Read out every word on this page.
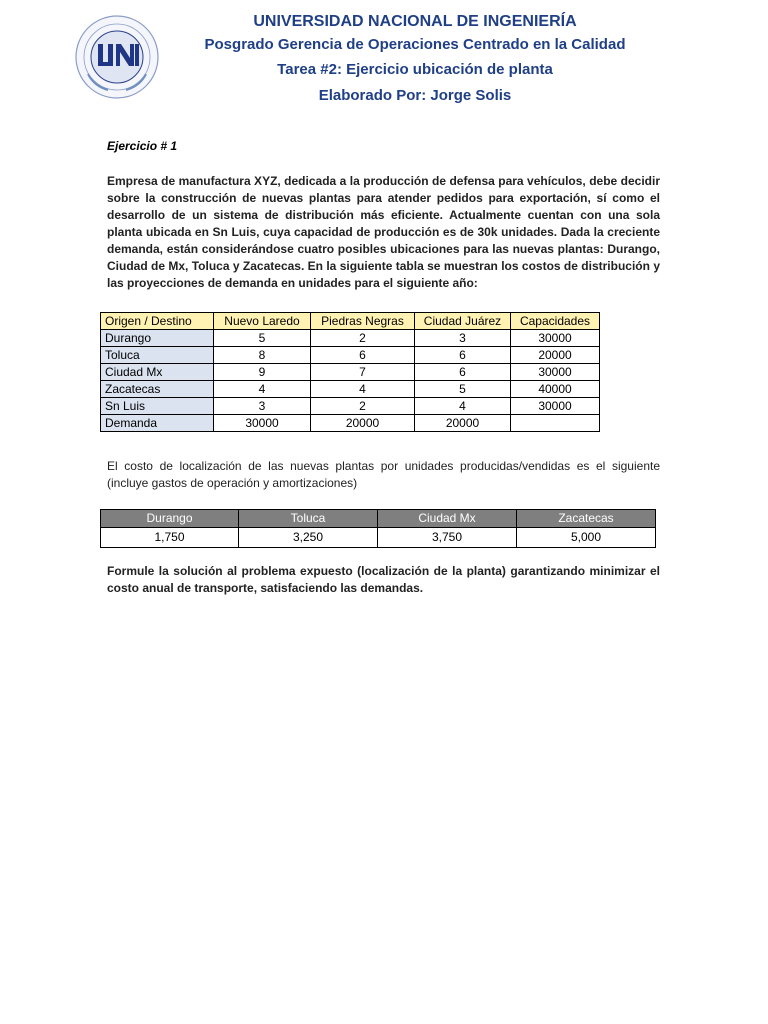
UNIVERSIDAD NACIONAL DE INGENIERÍA
Posgrado Gerencia de Operaciones Centrado en la Calidad
Tarea #2: Ejercicio ubicación de planta
Elaborado Por: Jorge Solis

Ejercicio # 1

Empresa de manufactura XYZ, dedicada a la producción de defensa para vehículos, debe decidir sobre la construcción de nuevas plantas para atender pedidos para exportación, sí como el desarrollo de un sistema de distribución más eficiente. Actualmente cuentan con una sola planta ubicada en Sn Luis, cuya capacidad de producción es de 30k unidades. Dada la creciente demanda, están considerándose cuatro posibles ubicaciones para las nuevas plantas: Durango, Ciudad de Mx, Toluca y Zacatecas. En la siguiente tabla se muestran los costos de distribución y las proyecciones de demanda en unidades para el siguiente año:

Origen / Destino	Nuevo Laredo	Piedras Negras	Ciudad Juárez	Capacidades
Durango	5	2	3	30000
Toluca	8	6	6	20000
Ciudad Mx	9	7	6	30000
Zacatecas	4	4	5	40000
Sn Luis	3	2	4	30000
Demanda	30000	20000	20000	
El costo de localización de las nuevas plantas por unidades producidas/vendidas es el siguiente (incluye gastos de operación y amortizaciones)
Durango	Toluca	Ciudad Mx	Zacatecas
1,750	3,250	3,750	5,000
Formule la solución al problema expuesto (localización de la planta) garantizando minimizar el costo anual de transporte, satisfaciendo las demandas.
